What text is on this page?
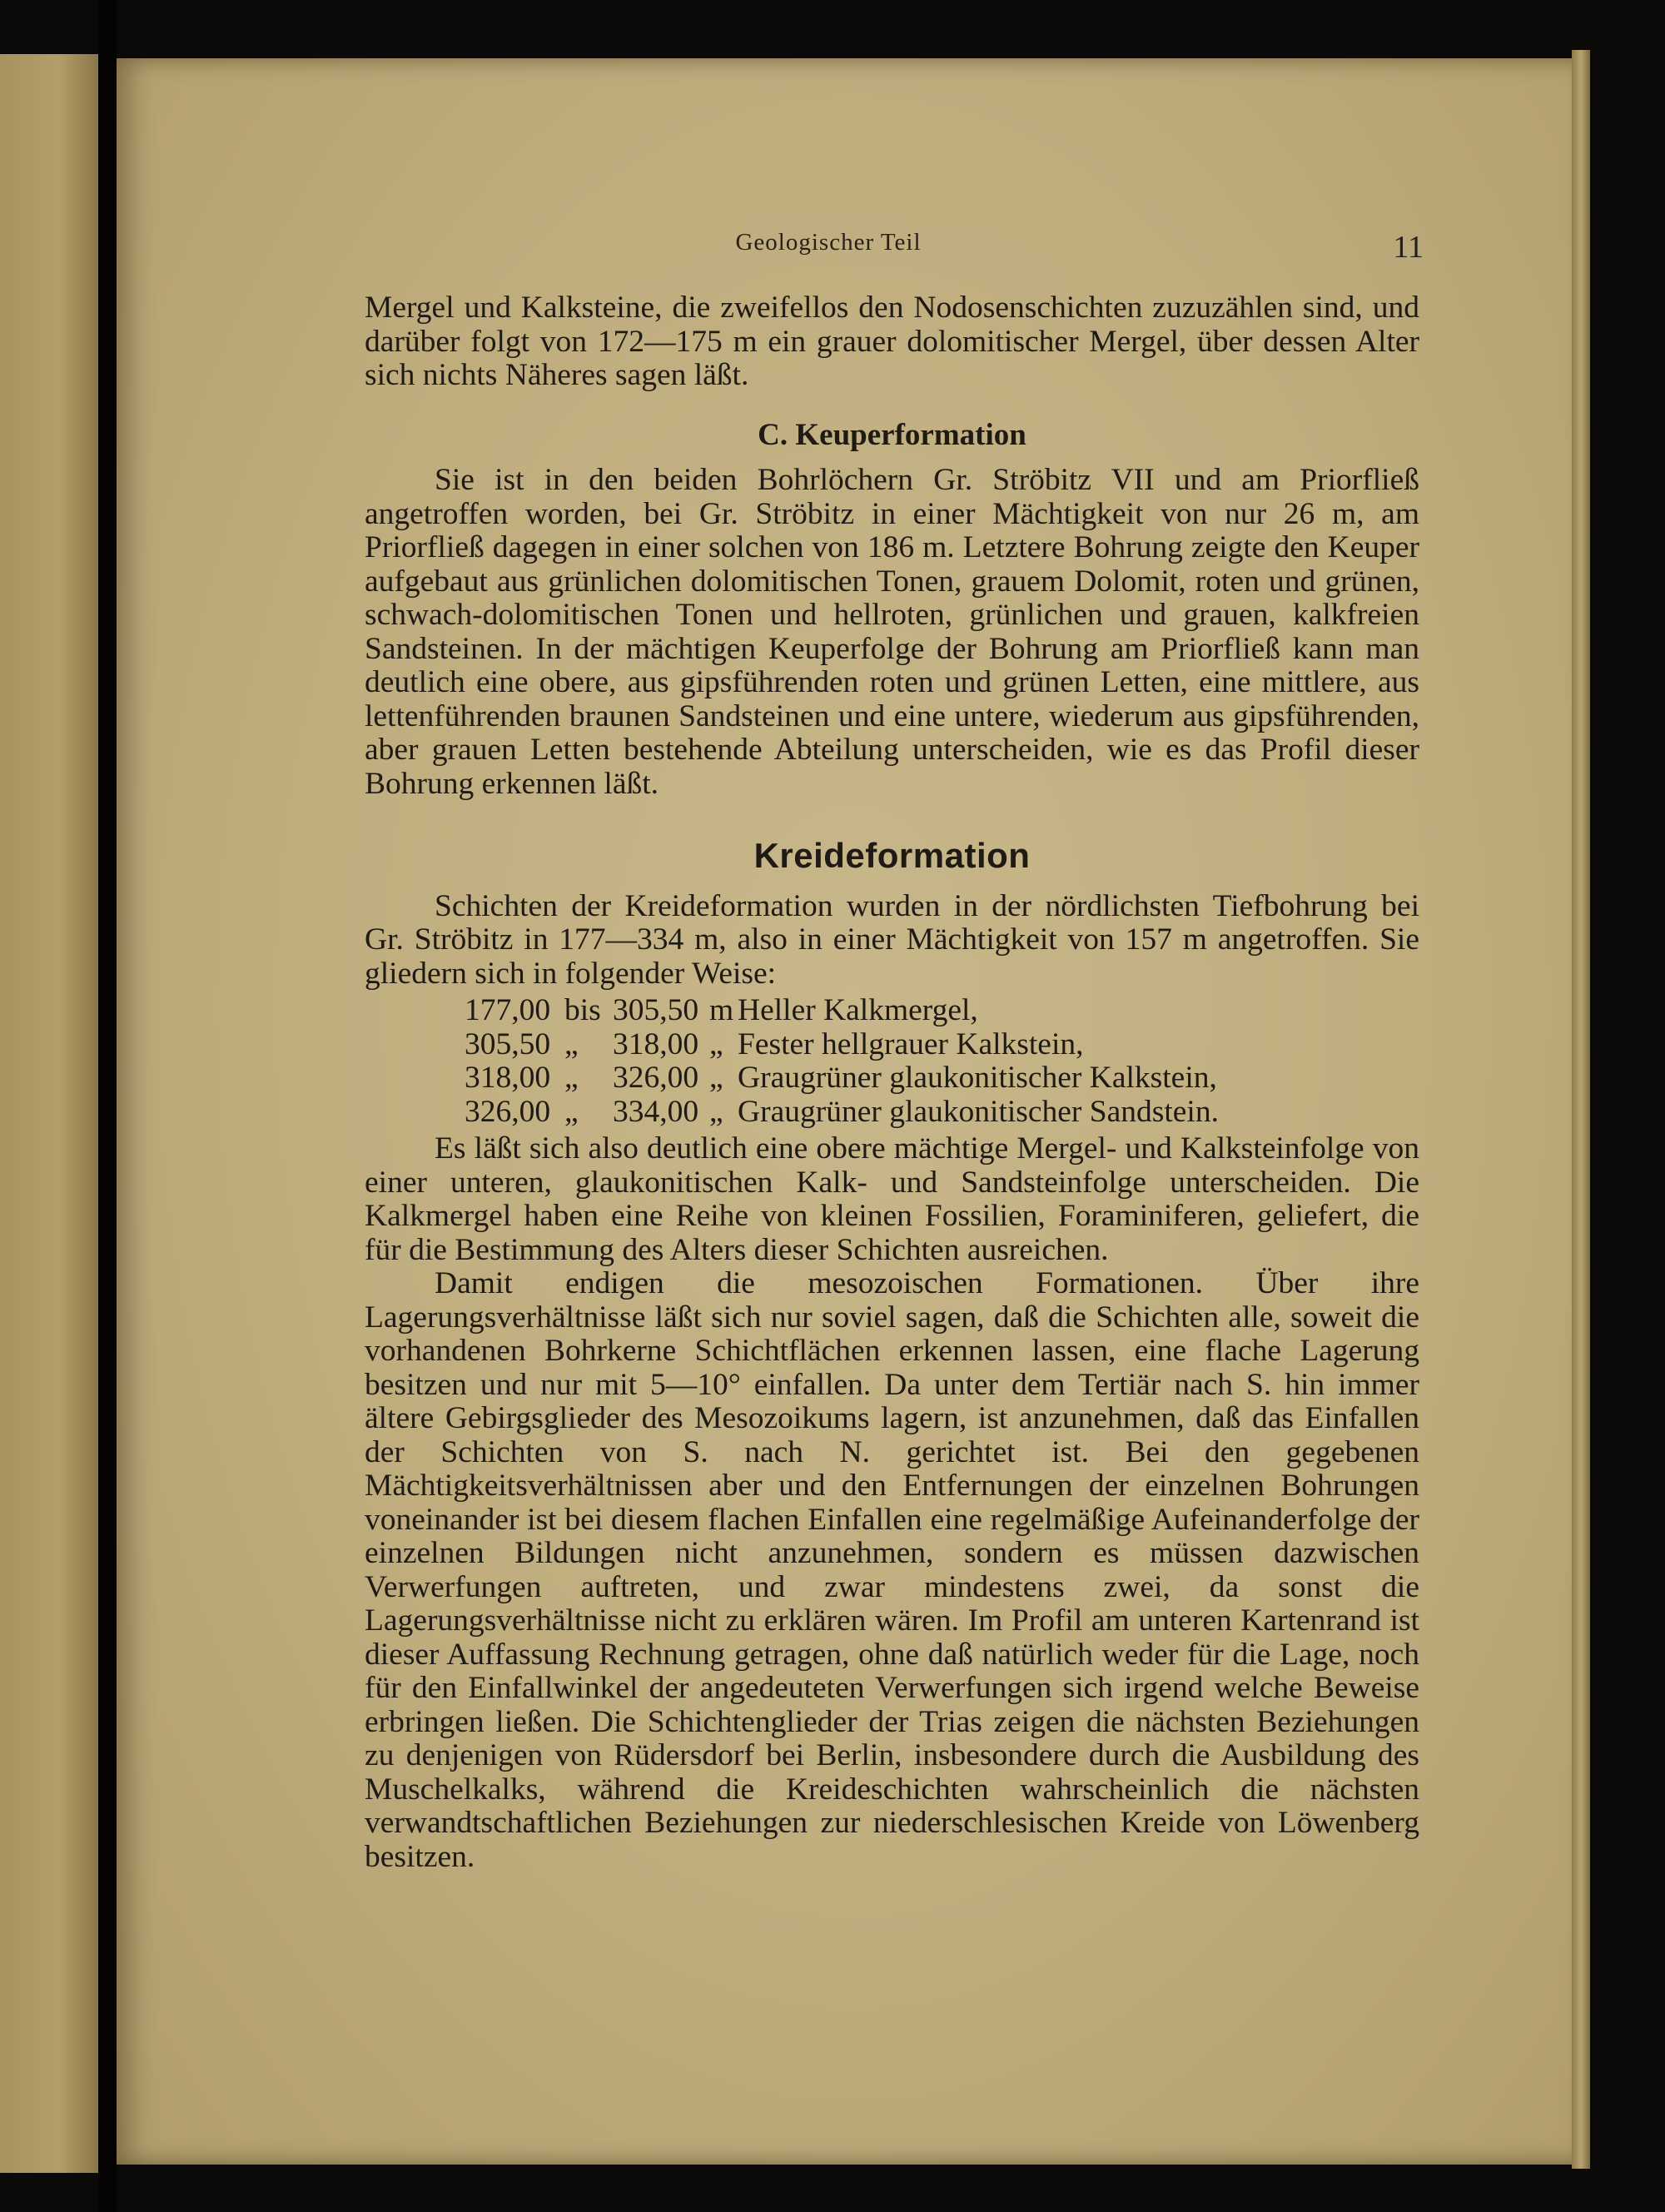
Geologischer Teil	11

Mergel und Kalksteine, die zweifellos den Nodosenschichten zuzuzählen sind, und darüber folgt von 172—175 m ein grauer dolomitischer Mergel, über dessen Alter sich nichts Näheres sagen läßt.

C. Keuperformation

Sie ist in den beiden Bohrlöchern Gr. Ströbitz VII und am Priorfließ angetroffen worden, bei Gr. Ströbitz in einer Mächtigkeit von nur 26 m, am Priorfließ dagegen in einer solchen von 186 m. Letztere Bohrung zeigte den Keuper aufgebaut aus grünlichen dolomitischen Tonen, grauem Dolomit, roten und grünen, schwach-dolomitischen Tonen und hellroten, grünlichen und grauen, kalkfreien Sandsteinen. In der mächtigen Keuperfolge der Bohrung am Priorfließ kann man deutlich eine obere, aus gipsführenden roten und grünen Letten, eine mittlere, aus lettenführenden braunen Sandsteinen und eine untere, wiederum aus gipsführenden, aber grauen Letten bestehende Abteilung unterscheiden, wie es das Profil dieser Bohrung erkennen läßt.

Kreideformation

Schichten der Kreideformation wurden in der nördlichsten Tiefbohrung bei Gr. Ströbitz in 177—334 m, also in einer Mächtigkeit von 157 m angetroffen. Sie gliedern sich in folgender Weise:

177,00 bis 305,50 m Heller Kalkmergel,
305,50 „	318,00 „ Fester hellgrauer Kalkstein,
318,00 „	326,00 „ Graugrüner glaukonitischer Kalkstein,
326,00 „	334,00 „ Graugrüner glaukonitischer Sandstein.

Es läßt sich also deutlich eine obere mächtige Mergel- und Kalksteinfolge von einer unteren, glaukonitischen Kalk- und Sandsteinfolge unterscheiden. Die Kalkmergel haben eine Reihe von kleinen Fossilien, Foraminiferen, geliefert, die für die Bestimmung des Alters dieser Schichten ausreichen.

Damit endigen die mesozoischen Formationen. Über ihre Lagerungsverhältnisse läßt sich nur soviel sagen, daß die Schichten alle, soweit die vorhandenen Bohrkerne Schichtflächen erkennen lassen, eine flache Lagerung besitzen und nur mit 5—10° einfallen. Da unter dem Tertiär nach S. hin immer ältere Gebirgsglieder des Mesozoikums lagern, ist anzunehmen, daß das Einfallen der Schichten von S. nach N. gerichtet ist. Bei den gegebenen Mächtigkeitsverhältnissen aber und den Entfernungen der einzelnen Bohrungen voneinander ist bei diesem flachen Einfallen eine regelmäßige Aufeinanderfolge der einzelnen Bildungen nicht anzunehmen, sondern es müssen dazwischen Verwerfungen auftreten, und zwar mindestens zwei, da sonst die Lagerungsverhältnisse nicht zu erklären wären. Im Profil am unteren Kartenrand ist dieser Auffassung Rechnung getragen, ohne daß natürlich weder für die Lage, noch für den Einfallwinkel der angedeuteten Verwerfungen sich irgend welche Beweise erbringen ließen. Die Schichtenglieder der Trias zeigen die nächsten Beziehungen zu denjenigen von Rüdersdorf bei Berlin, insbesondere durch die Ausbildung des Muschelkalks, während die Kreideschichten wahrscheinlich die nächsten verwandtschaftlichen Beziehungen zur niederschlesischen Kreide von Löwenberg besitzen.
